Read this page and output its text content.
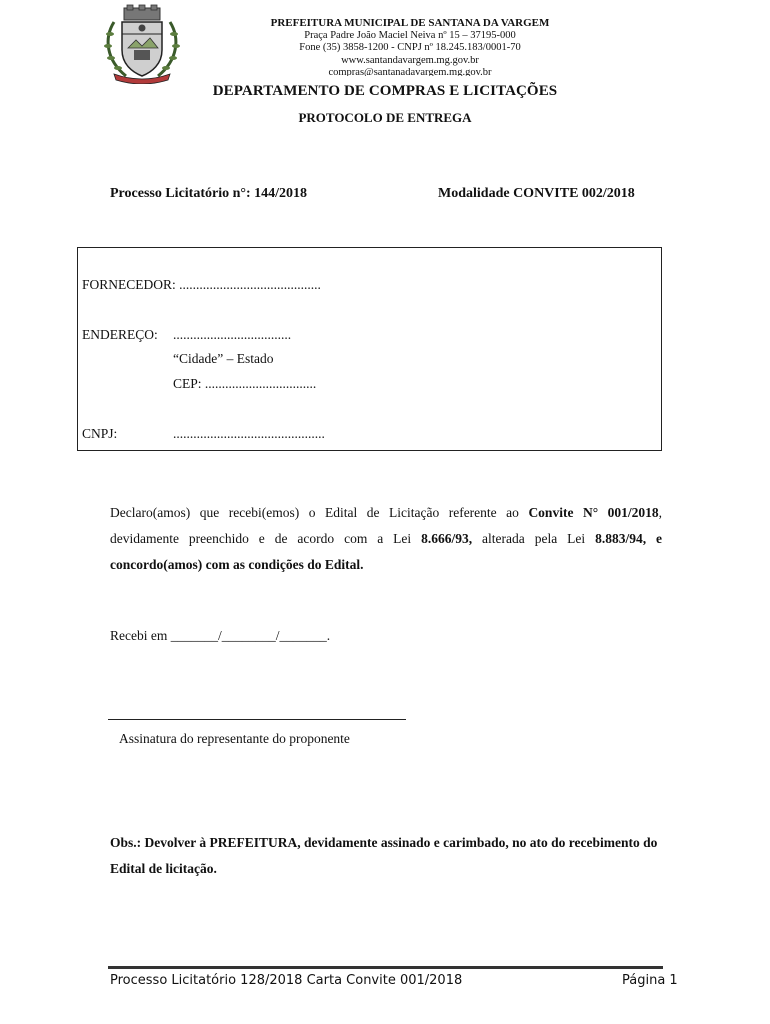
PREFEITURA MUNICIPAL DE SANTANA DA VARGEM
Praça Padre João Maciel Neiva nº 15 – 37195-000
Fone (35) 3858-1200 - CNPJ nº 18.245.183/0001-70
www.santandavargem.mg.gov.br
compras@santanadavargem.mg.gov.br
DEPARTAMENTO DE COMPRAS E LICITAÇÕES
PROTOCOLO DE ENTREGA
Processo Licitatório n°: 144/2018	Modalidade CONVITE 002/2018
FORNECEDOR: ..........................................
ENDEREÇO: ...................................
“Cidade” – Estado
CEP: .................................
CNPJ:	.............................................
Declaro(amos) que recebi(emos) o Edital de Licitação referente ao Convite N° 001/2018, devidamente preenchido e de acordo com a Lei 8.666/93, alterada pela Lei 8.883/94, e concordo(amos) com as condições do Edital.
Recebi em _______/________/_______.
Assinatura do representante do proponente
Obs.: Devolver à PREFEITURA, devidamente assinado e carimbado, no ato do recebimento do Edital de licitação.
Processo Licitatório 128/2018 Carta Convite 001/2018	Página 1
